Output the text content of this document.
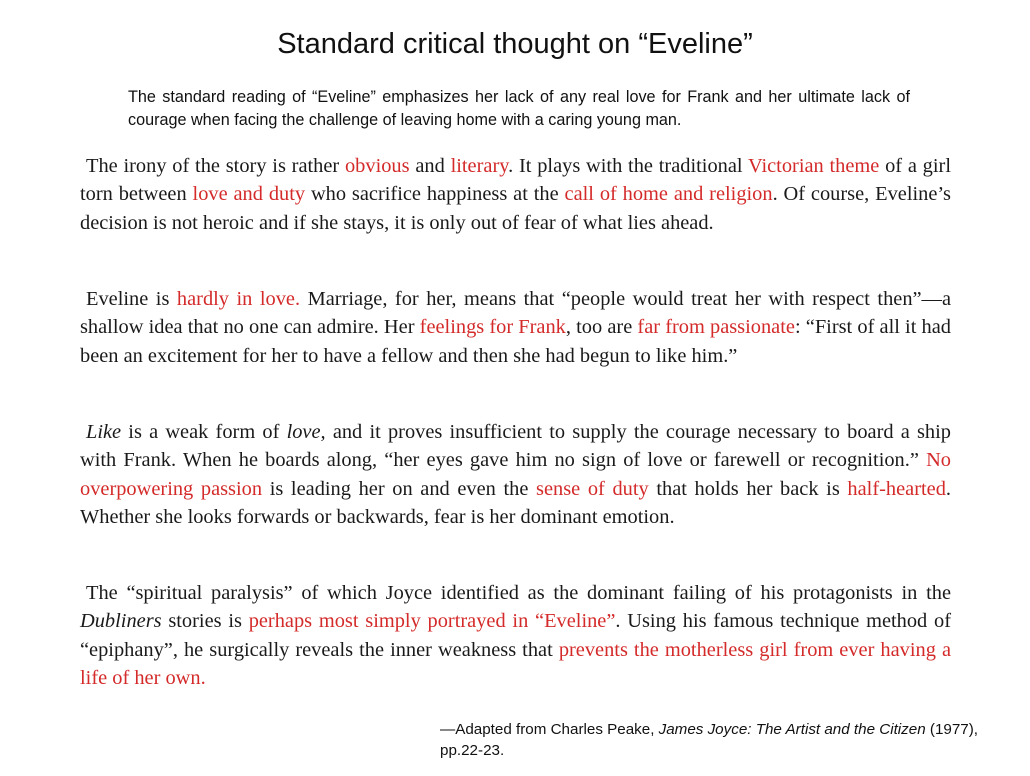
Standard critical thought on “Eveline”
The standard reading of “Eveline” emphasizes her lack of any real love for Frank and her ultimate lack of courage when facing the challenge of leaving home with a caring young man.
The irony of the story is rather obvious and literary. It plays with the traditional Victorian theme of a girl torn between love and duty who sacrifice happiness at the call of home and religion. Of course, Eveline’s decision is not heroic and if she stays, it is only out of fear of what lies ahead.
Eveline is hardly in love. Marriage, for her, means that “people would treat her with respect then”—a shallow idea that no one can admire. Her feelings for Frank, too are far from passionate: “First of all it had been an excitement for her to have a fellow and then she had begun to like him.”
Like is a weak form of love, and it proves insufficient to supply the courage necessary to board a ship with Frank. When he boards along, “her eyes gave him no sign of love or farewell or recognition.” No overpowering passion is leading her on and even the sense of duty that holds her back is half-hearted. Whether she looks forwards or backwards, fear is her dominant emotion.
The “spiritual paralysis” of which Joyce identified as the dominant failing of his protagonists in the Dubliners stories is perhaps most simply portrayed in “Eveline”. Using his famous technique method of “epiphany”, he surgically reveals the inner weakness that prevents the motherless girl from ever having a life of her own.
—Adapted from Charles Peake, James Joyce: The Artist and the Citizen (1977), pp.22-23.
